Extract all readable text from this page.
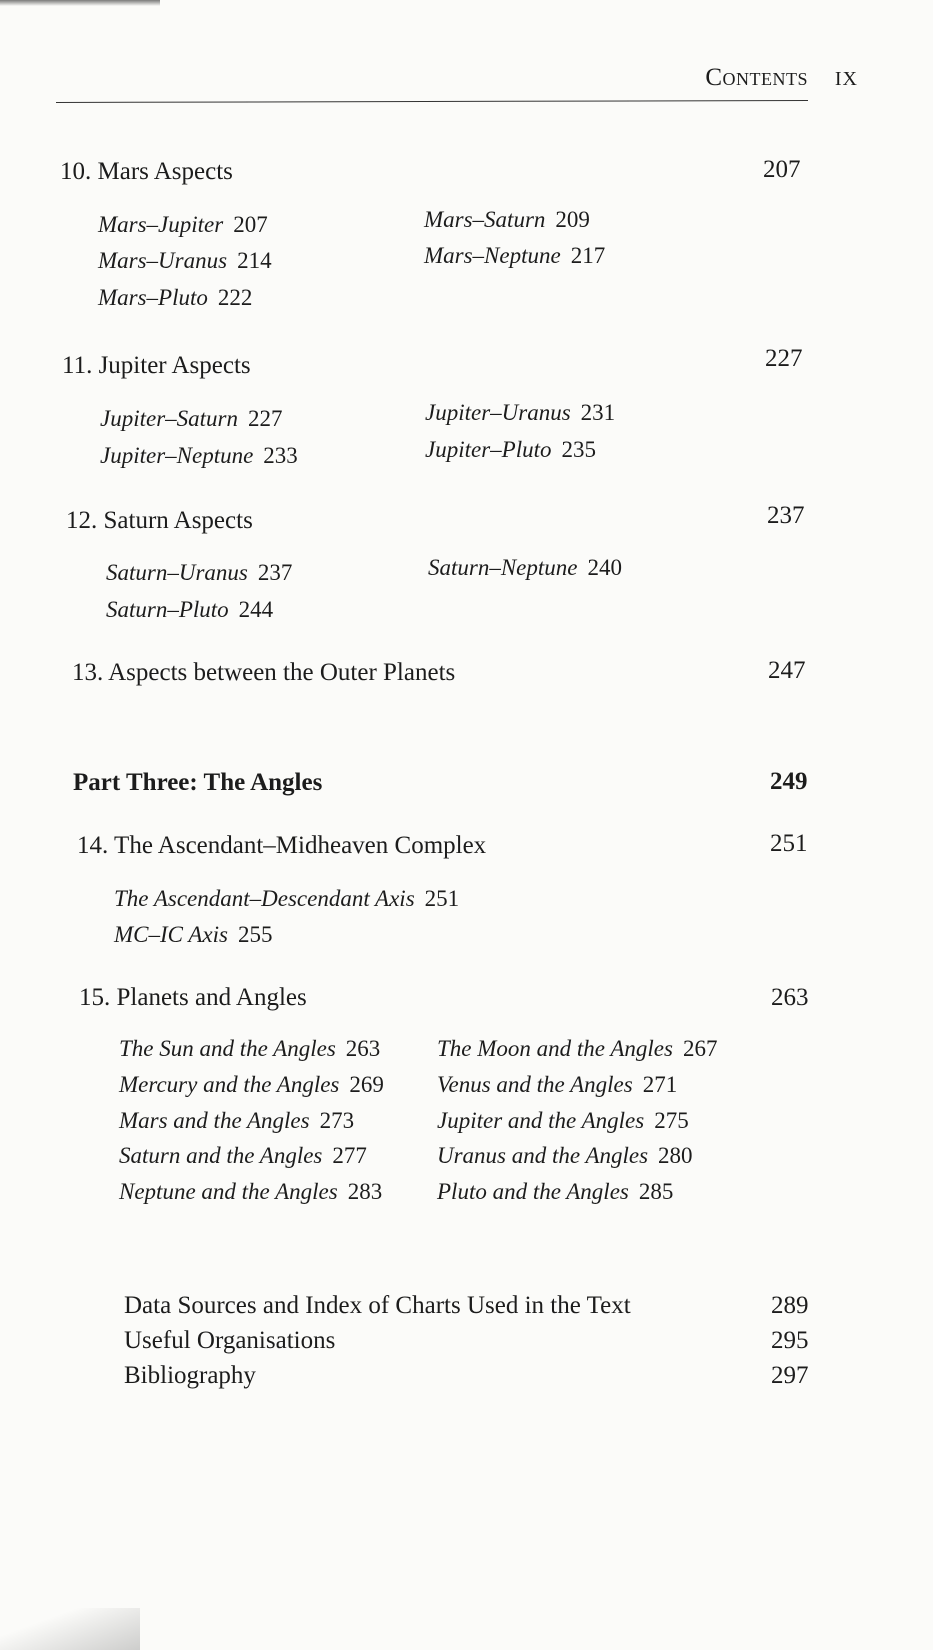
Contents IX
10. Mars Aspects	207
Mars–Jupiter 207	Mars–Saturn 209
Mars–Uranus 214	Mars–Neptune 217
Mars–Pluto 222
11. Jupiter Aspects	227
Jupiter–Saturn 227	Jupiter–Uranus 231
Jupiter–Neptune 233	Jupiter–Pluto 235
12. Saturn Aspects	237
Saturn–Uranus 237	Saturn–Neptune 240
Saturn–Pluto 244
13. Aspects between the Outer Planets	247
Part Three: The Angles	249
14. The Ascendant–Midheaven Complex	251
The Ascendant–Descendant Axis 251
MC–IC Axis 255
15. Planets and Angles	263
The Sun and the Angles 263 The Moon and the Angles 267
Mercury and the Angles 269 Venus and the Angles 271
Mars and the Angles 273	Jupiter and the Angles 275
Saturn and the Angles 277	Uranus and the Angles 280
Neptune and the Angles 283 Pluto and the Angles 285
Data Sources and Index of Charts Used in the Text	289
Useful Organisations	295
Bibliography	297
